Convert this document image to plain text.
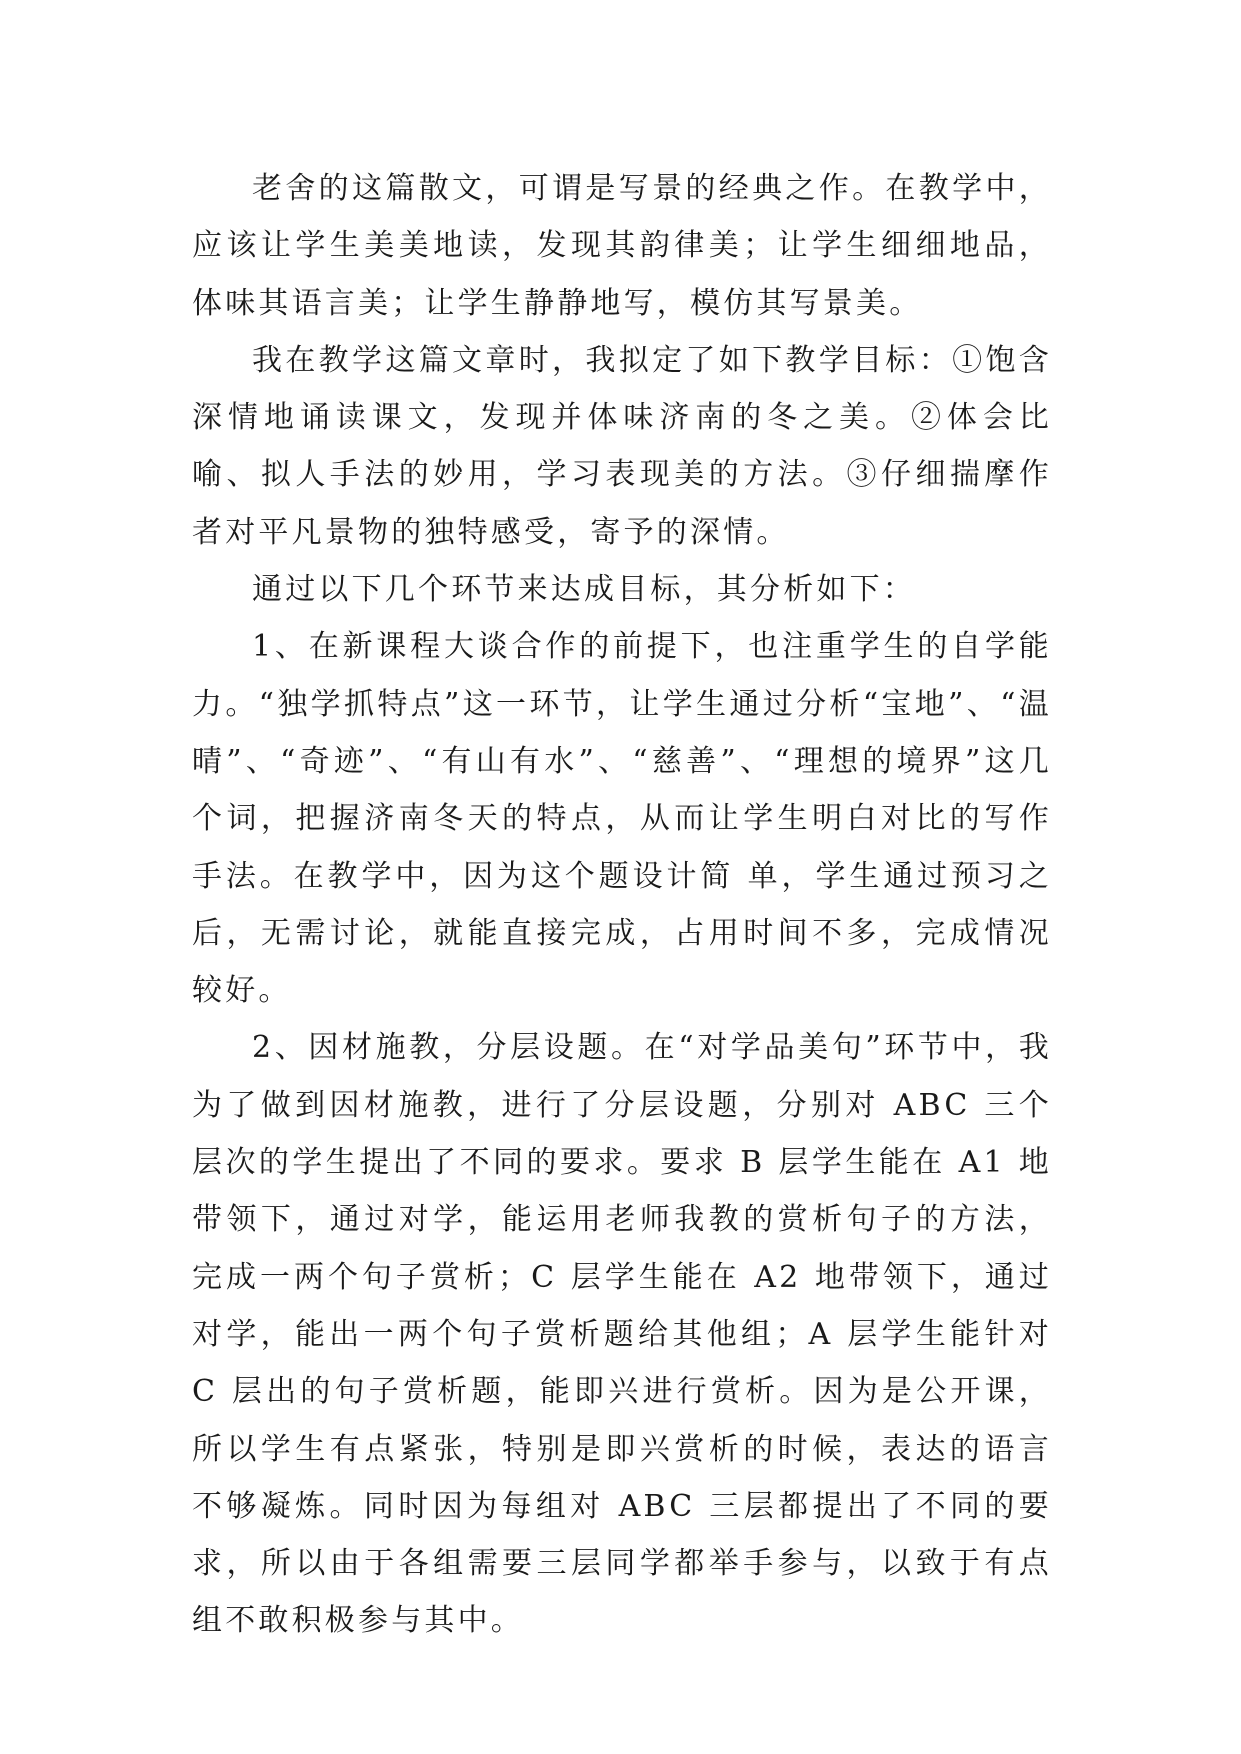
老舍的这篇散文，可谓是写景的经典之作。在教学中，应该让学生美美地读，发现其韵律美；让学生细细地品，体味其语言美；让学生静静地写，模仿其写景美。

我在教学这篇文章时，我拟定了如下教学目标：①饱含深情地诵读课文，发现并体味济南的冬之美。②体会比喻、拟人手法的妙用，学习表现美的方法。③仔细揣摩作者对平凡景物的独特感受，寄予的深情。

通过以下几个环节来达成目标，其分析如下：

1、在新课程大谈合作的前提下，也注重学生的自学能力。“独学抓特点”这一环节，让学生通过分析“宝地”、“温晴”、“奇迹”、“有山有水”、“慈善”、“理想的境界”这几个词，把握济南冬天的特点，从而让学生明白对比的写作手法。在教学中，因为这个题设计简 单，学生通过预习之后，无需讨论，就能直接完成，占用时间不多，完成情况较好。

2、因材施教，分层设题。在“对学品美句”环节中，我为了做到因材施教，进行了分层设题，分别对 ABC 三个层次的学生提出了不同的要求。要求 B 层学生能在 A1 地带领下，通过对学，能运用老师我教的赏析句子的方法，完成一两个句子赏析；C 层学生能在 A2 地带领下，通过对学，能出一两个句子赏析题给其他组；A 层学生能针对 C 层出的句子赏析题，能即兴进行赏析。因为是公开课，所以学生有点紧张，特别是即兴赏析的时候，表达的语言不够凝炼。同时因为每组对 ABC 三层都提出了不同的要求，所以由于各组需要三层同学都举手参与，以致于有点组不敢积极参与其中。
